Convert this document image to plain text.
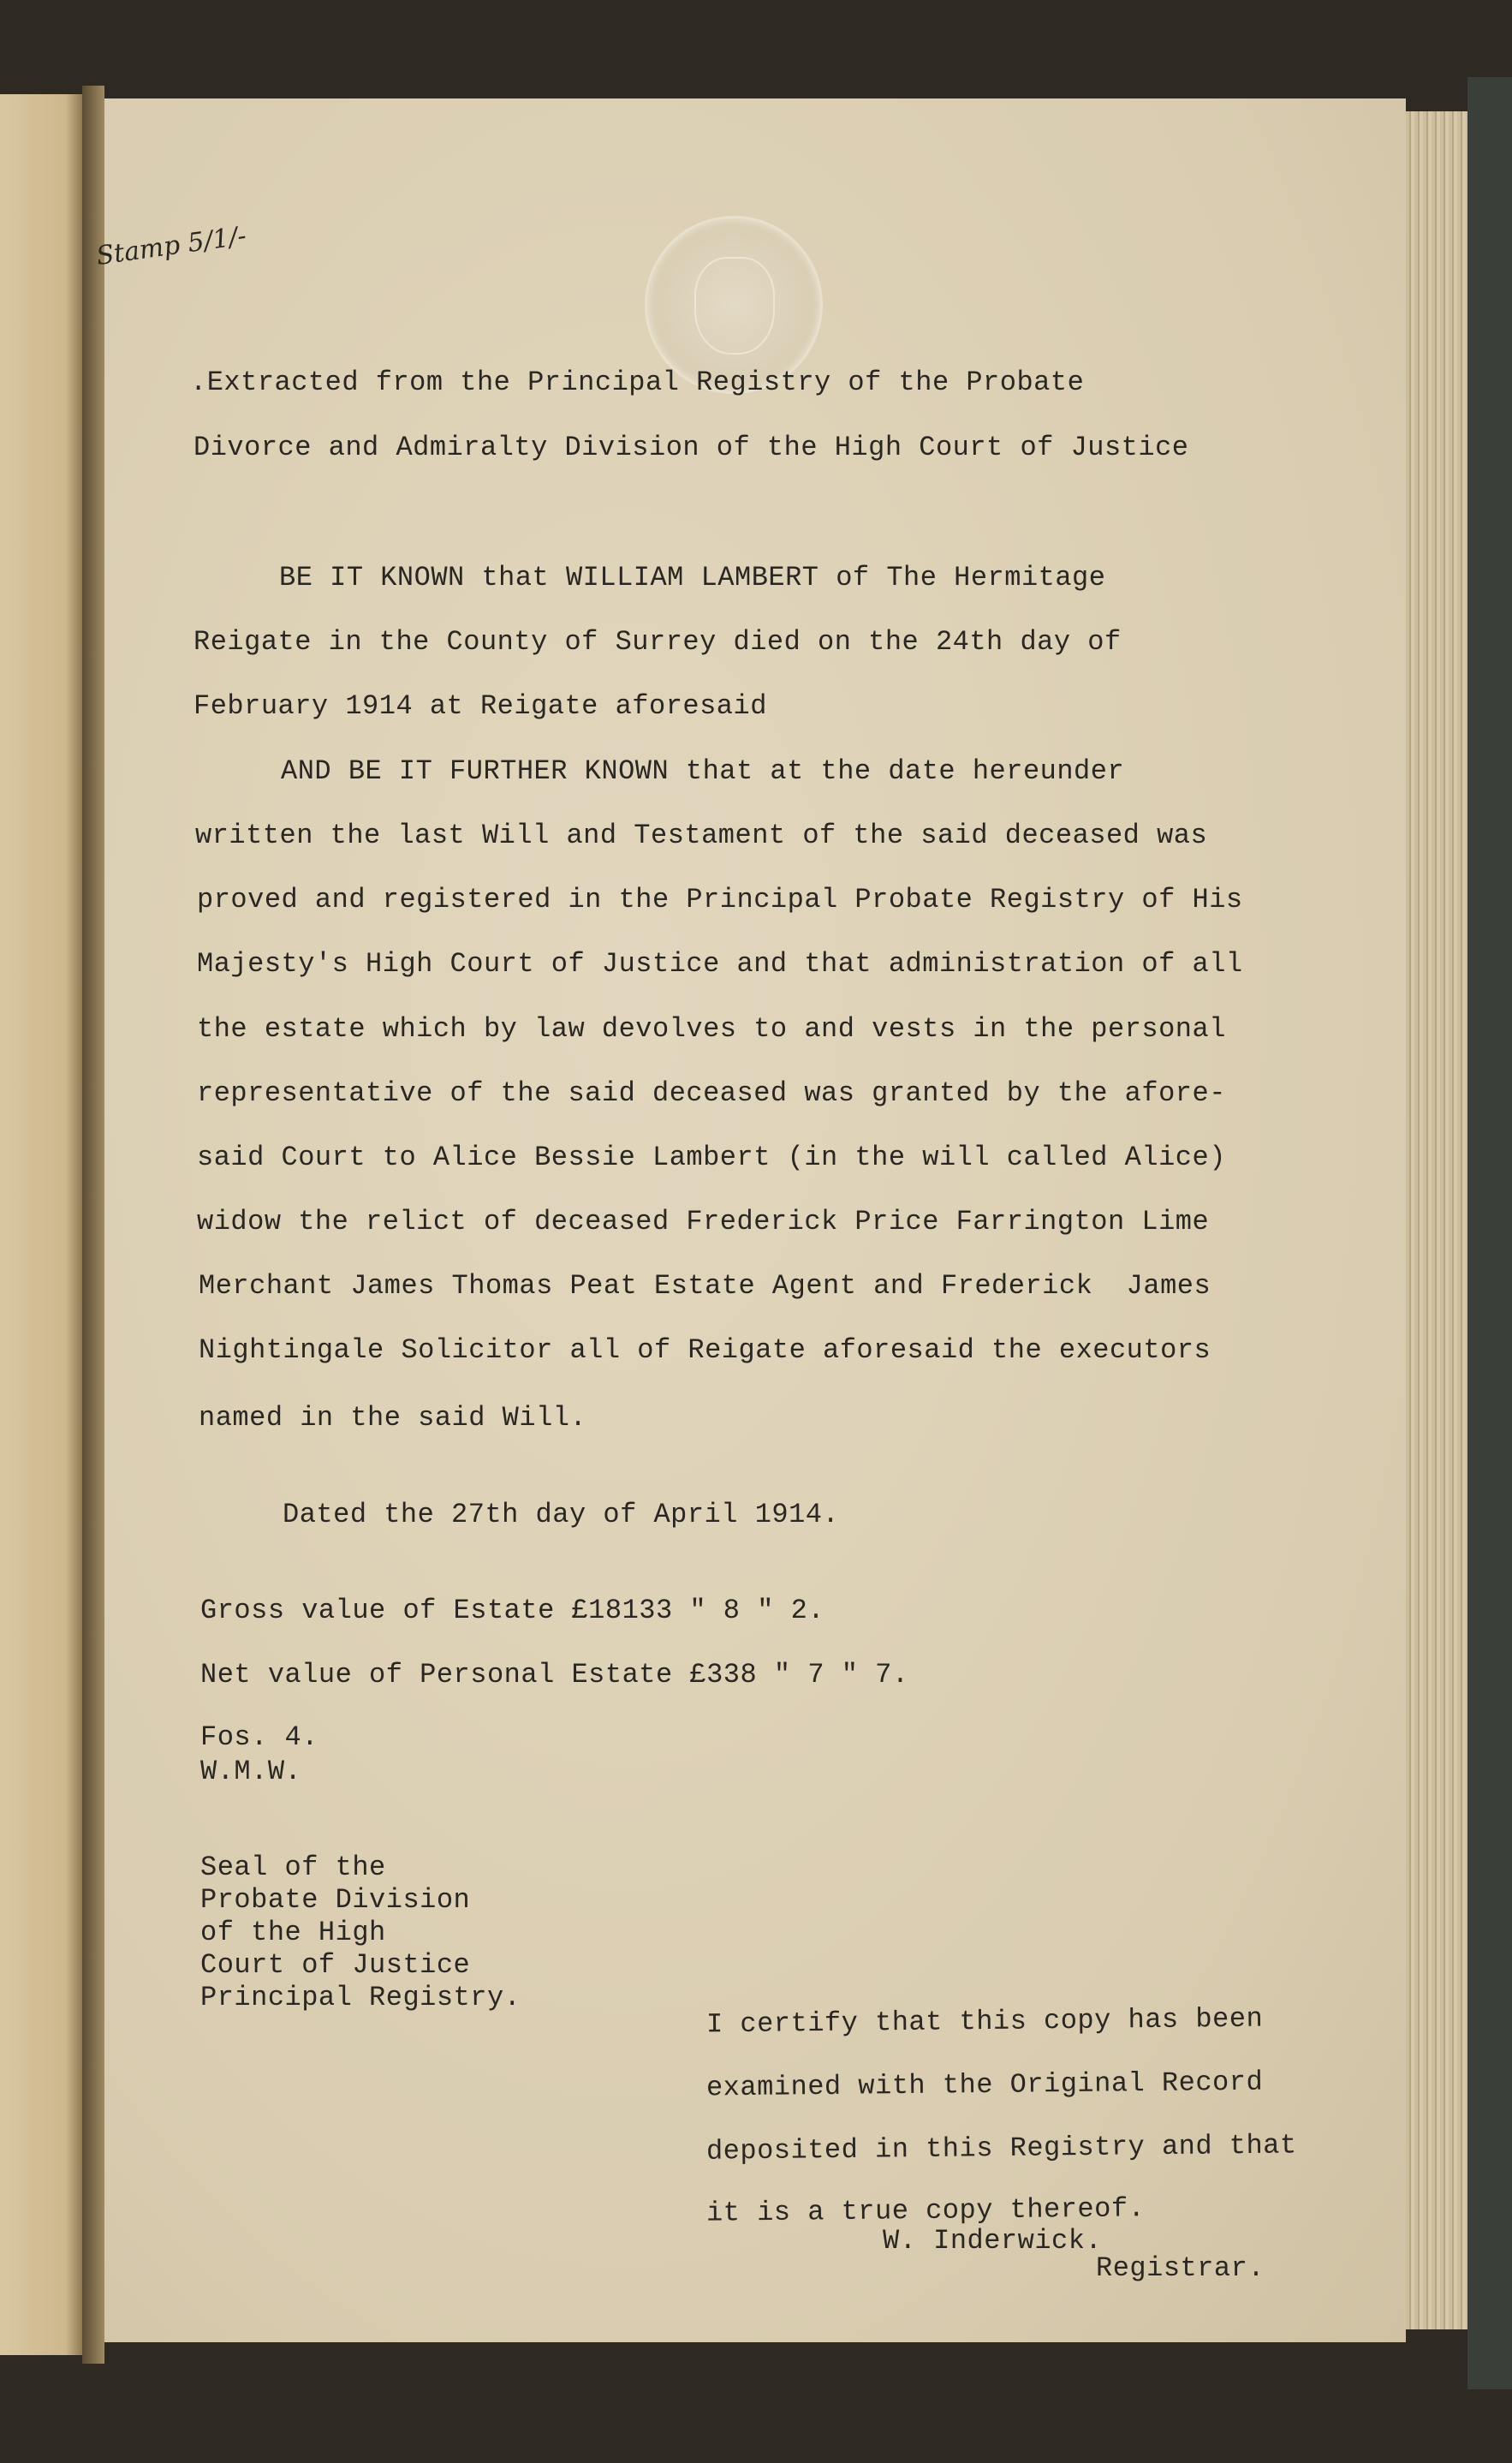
Stamp 5/1/-
.Extracted from the Principal Registry of the Probate
Divorce and Admiralty Division of the High Court of Justice
BE IT KNOWN that WILLIAM LAMBERT of The Hermitage
Reigate in the County of Surrey died on the 24th day of
February 1914 at Reigate aforesaid
AND BE IT FURTHER KNOWN that at the date hereunder
written the last Will and Testament of the said deceased was
proved and registered in the Principal Probate Registry of His
Majesty's High Court of Justice and that administration of all
the estate which by law devolves to and vests in the personal
representative of the said deceased was granted by the afore-
said Court to Alice Bessie Lambert (in the will called Alice)
widow the relict of deceased Frederick Price Farrington Lime
Merchant James Thomas Peat Estate Agent and Frederick  James
Nightingale Solicitor all of Reigate aforesaid the executors
named in the said Will.
Dated the 27th day of April 1914.
Gross value of Estate £18133 " 8 " 2.
Net value of Personal Estate £338 " 7 " 7.
Fos. 4.
W.M.W.
Seal of the
Probate Division
of the High
Court of Justice
Principal Registry.
I certify that this copy has been
examined with the Original Record
deposited in this Registry and that
it is a true copy thereof.
W. Inderwick.
Registrar.
